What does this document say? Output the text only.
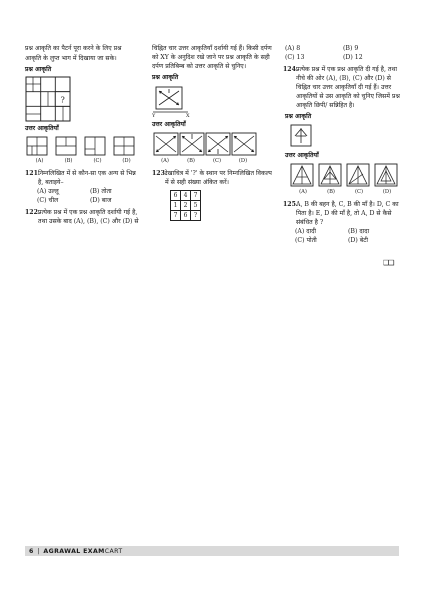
प्रश्न आकृति का पैटर्न पूरा करने के लिए प्रश्न
आकृति के लुप्त भाग में दिखाया जा सके।
प्रश्न आकृति
?
उत्तर आकृतियाँ
(A)	(B)	(C)	(D)
121.
निम्नलिखित में से कौन-सा एक अन्य से भिन्न है, बताइये–
(A) उल्लू	(B) तोता
(C) चील	(D) बाज
122.
प्रत्येक प्रश्न में एक प्रश्न आकृति दर्शायी गई है, तथा उसके बाद (A), (B), (C) और (D) से
चिह्नित चार उत्तर आकृतियाँ दर्शायी गई हैं। किसी दर्पण को XY के अनुदिश रखे जाने पर प्रश्न आकृति के सही दर्पण प्रतिबिम्ब को उत्तर आकृति से चुनिए।
प्रश्न आकृति
Y	X
उत्तर आकृतियाँ
(A)	(B)	(C)	(D)
123.
रेखाचित्र में '?' के स्थान पर निम्नलिखित विकल्प में से सही संख्या अंकित करें।
6	4	7
1	2	5
7	6	?
(A) 8	(B) 9
(C) 13	(D) 12
124.
प्रत्येक प्रश्न में एक प्रश्न आकृति दी गई है, तथा नीचे की ओर (A), (B), (C) और (D) से चिह्नित चार उत्तर आकृतियाँ दी गई हैं। उत्तर आकृतियों से उस आकृति को चुनिए जिसमें प्रश्न आकृति छिपी/ सन्निहित है।
प्रश्न आकृति
उत्तर आकृतियाँ
(A)	(B)	(C)	(D)
125.
A, B की बहन है, C, B की माँ है। D, C का पिता है। E, D की माँ है, तो A, D से कैसे संबंधित है ?
(A) दादी	(B) दादा
(C) पोती	(D) बेटी
❑❑
6 | AGRAWAL EXAM CART
